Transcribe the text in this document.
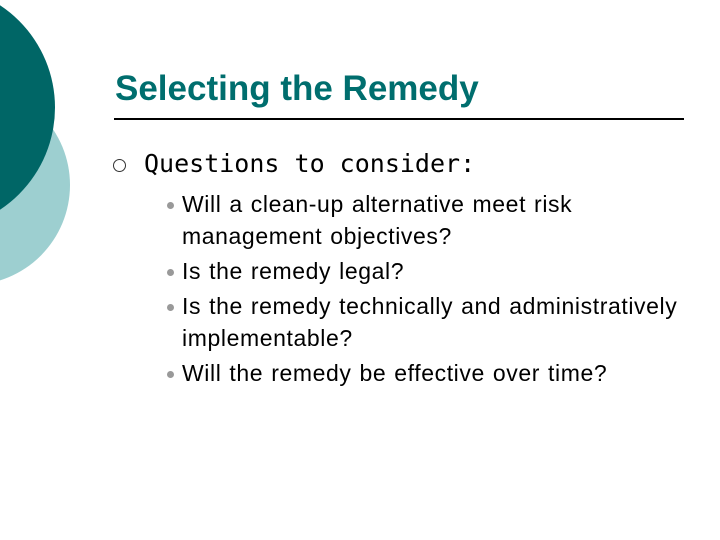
Selecting the Remedy
Questions to consider:
Will a clean-up alternative meet risk management objectives?
Is the remedy legal?
Is the remedy technically and administratively implementable?
Will the remedy be effective over time?
